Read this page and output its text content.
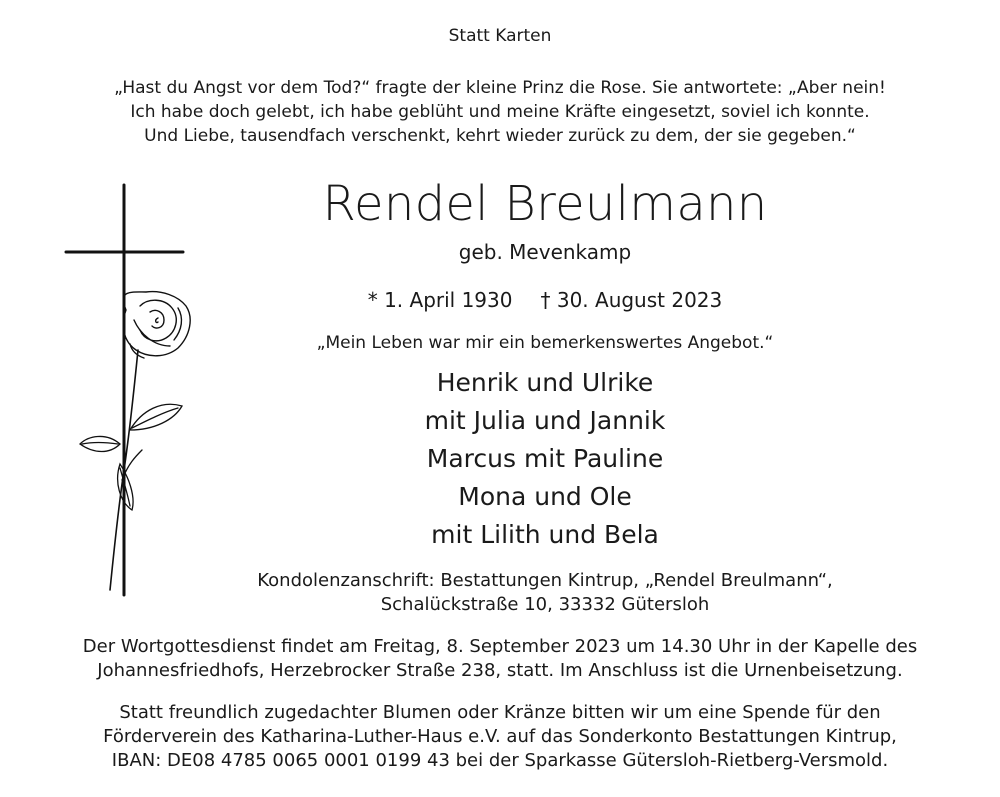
Statt Karten
„Hast du Angst vor dem Tod?“ fragte der kleine Prinz die Rose. Sie antwortete: „Aber nein!
Ich habe doch gelebt, ich habe geblüht und meine Kräfte eingesetzt, soviel ich konnte.
Und Liebe, tausendfach verschenkt, kehrt wieder zurück zu dem, der sie gegeben.“
Rendel Breulmann
geb. Mevenkamp
* 1. April 1930 † 30. August 2023
„Mein Leben war mir ein bemerkenswertes Angebot.“
Henrik und Ulrike
mit Julia und Jannik
Marcus mit Pauline
Mona und Ole
mit Lilith und Bela
Kondolenzanschrift: Bestattungen Kintrup, „Rendel Breulmann“,
Schalückstraße 10, 33332 Gütersloh
Der Wortgottesdienst findet am Freitag, 8. September 2023 um 14.30 Uhr in der Kapelle des
Johannesfriedhofs, Herzebrocker Straße 238, statt. Im Anschluss ist die Urnenbeisetzung.
Statt freundlich zugedachter Blumen oder Kränze bitten wir um eine Spende für den
Förderverein des Katharina-Luther-Haus e.V. auf das Sonderkonto Bestattungen Kintrup,
IBAN: DE08 4785 0065 0001 0199 43 bei der Sparkasse Gütersloh-Rietberg-Versmold.
